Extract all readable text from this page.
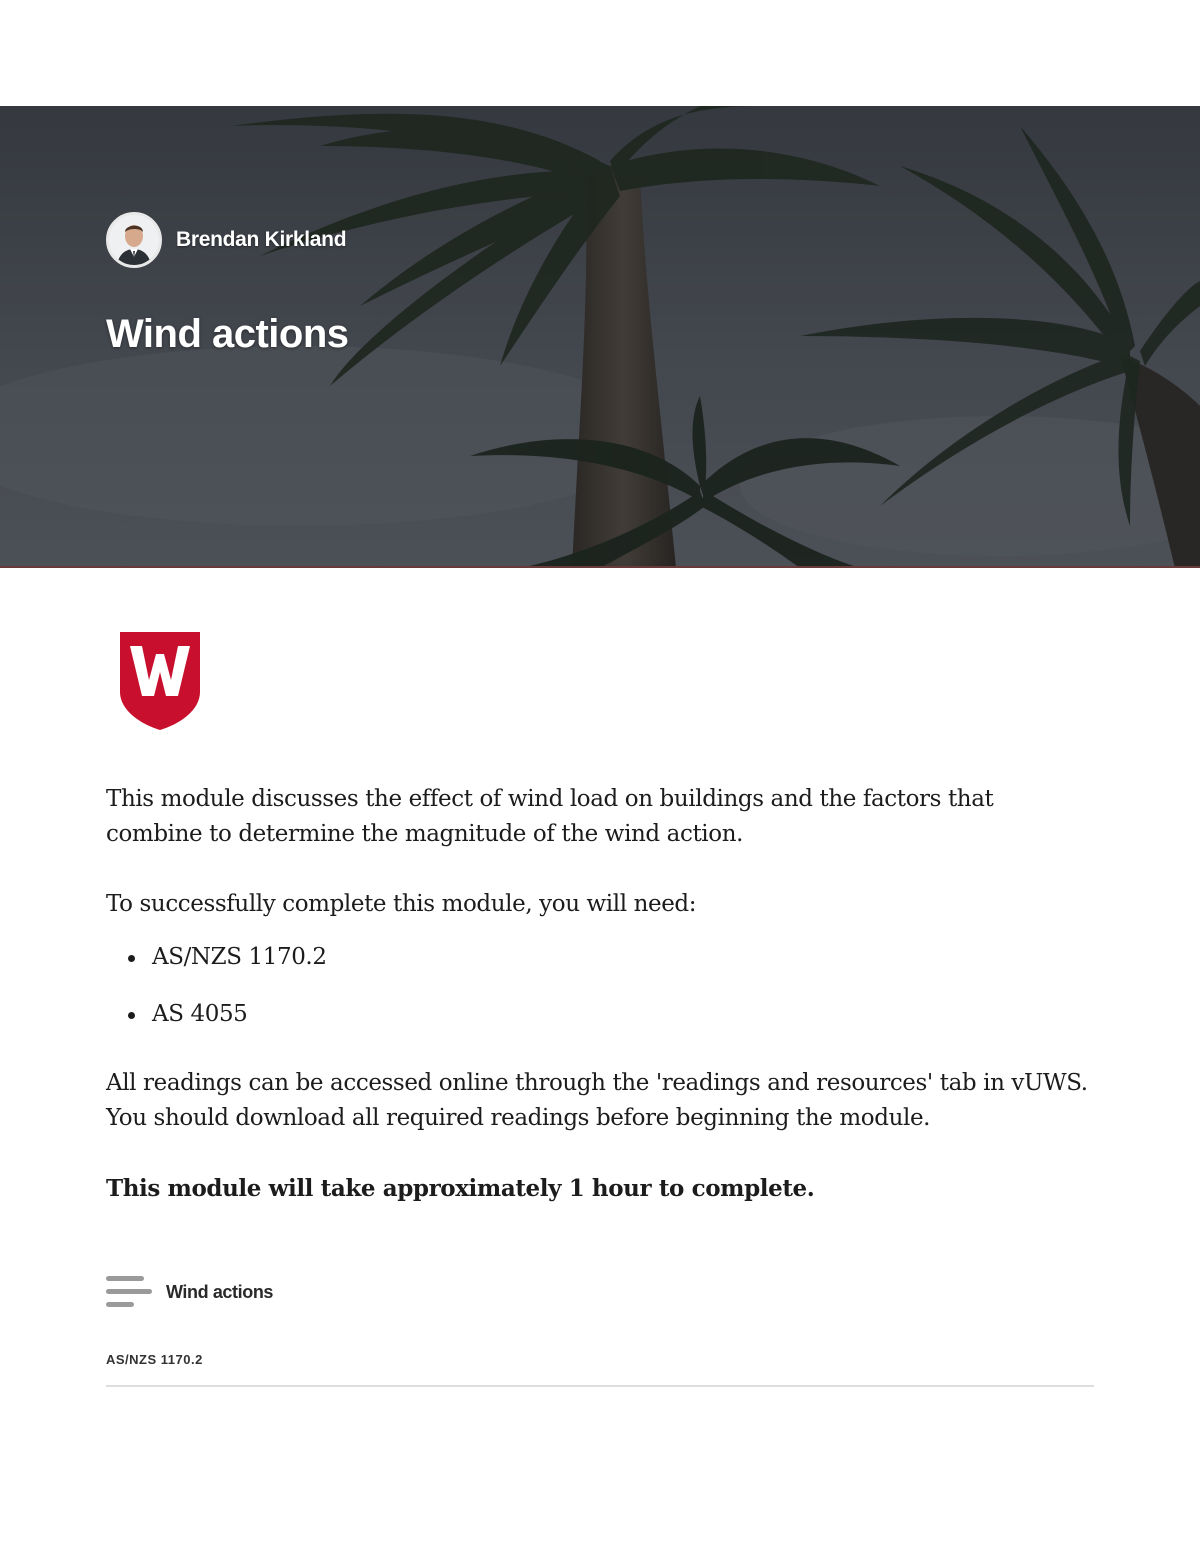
Brendan Kirkland
Wind actions

This module discusses the effect of wind load on buildings and the factors that combine to determine the magnitude of the wind action.

To successfully complete this module, you will need:

AS/NZS 1170.2
AS 4055

All readings can be accessed online through the 'readings and resources' tab in vUWS. You should download all required readings before beginning the module.

This module will take approximately 1 hour to complete.

Wind actions
AS/NZS 1170.2
